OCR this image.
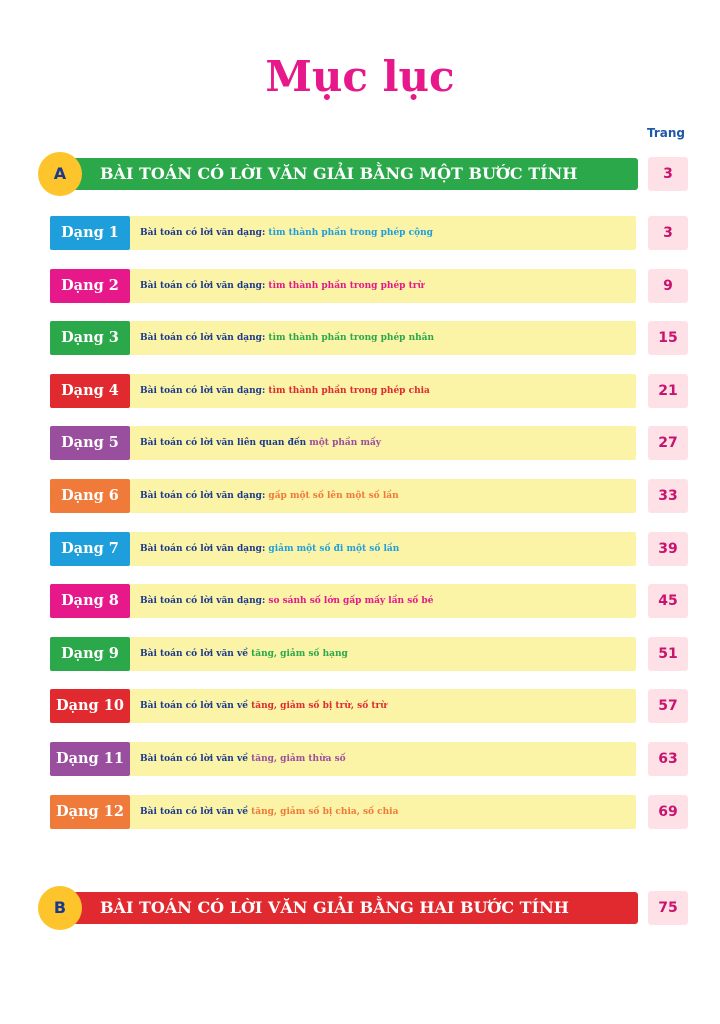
Mục lục
Trang
A	BÀI TOÁN CÓ LỜI VĂN GIẢI BẰNG MỘT BƯỚC TÍNH	3
Dạng 1	Bài toán có lời văn dạng: tìm thành phần trong phép cộng	3
Dạng 2	Bài toán có lời văn dạng: tìm thành phần trong phép trừ	9
Dạng 3	Bài toán có lời văn dạng: tìm thành phần trong phép nhân	15
Dạng 4	Bài toán có lời văn dạng: tìm thành phần trong phép chia	21
Dạng 5	Bài toán có lời văn liên quan đến một phần mấy	27
Dạng 6	Bài toán có lời văn dạng: gấp một số lên một số lần	33
Dạng 7	Bài toán có lời văn dạng: giảm một số đi một số lần	39
Dạng 8	Bài toán có lời văn dạng: so sánh số lớn gấp mấy lần số bé	45
Dạng 9	Bài toán có lời văn về tăng, giảm số hạng	51
Dạng 10	Bài toán có lời văn về tăng, giảm số bị trừ, số trừ	57
Dạng 11	Bài toán có lời văn về tăng, giảm thừa số	63
Dạng 12	Bài toán có lời văn về tăng, giảm số bị chia, số chia	69
B	BÀI TOÁN CÓ LỜI VĂN GIẢI BẰNG HAI BƯỚC TÍNH	75
